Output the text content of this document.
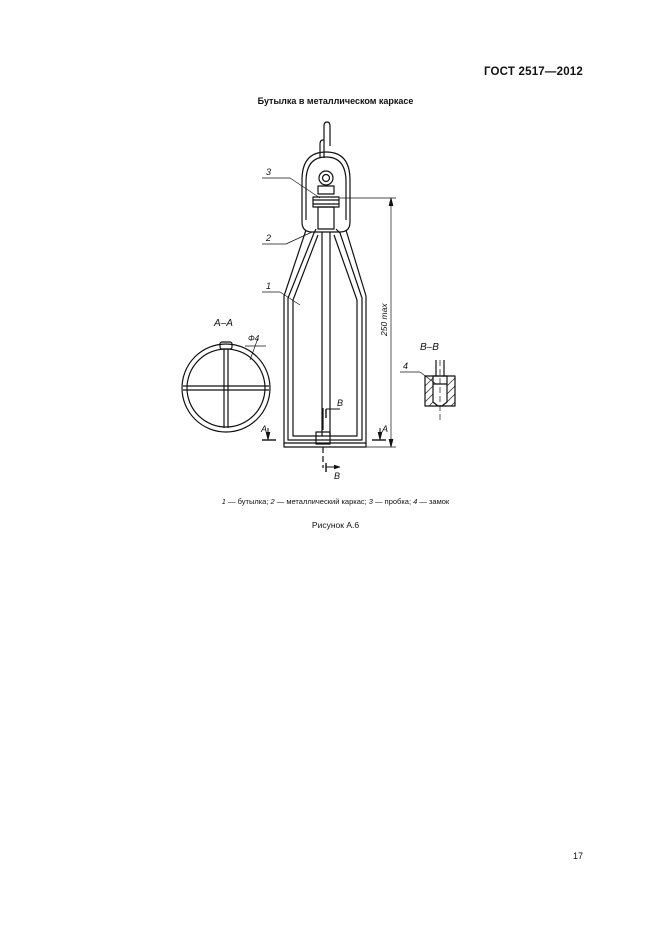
ГОСТ 2517—2012
Бутылка в металлическом каркасе
3
2
1
4
A–A
B–B
Φ4
250 max
A	A
B
B
1 — бутылка; 2 — металлический каркас; 3 — пробка; 4 — замок
Рисунок А.6
17
